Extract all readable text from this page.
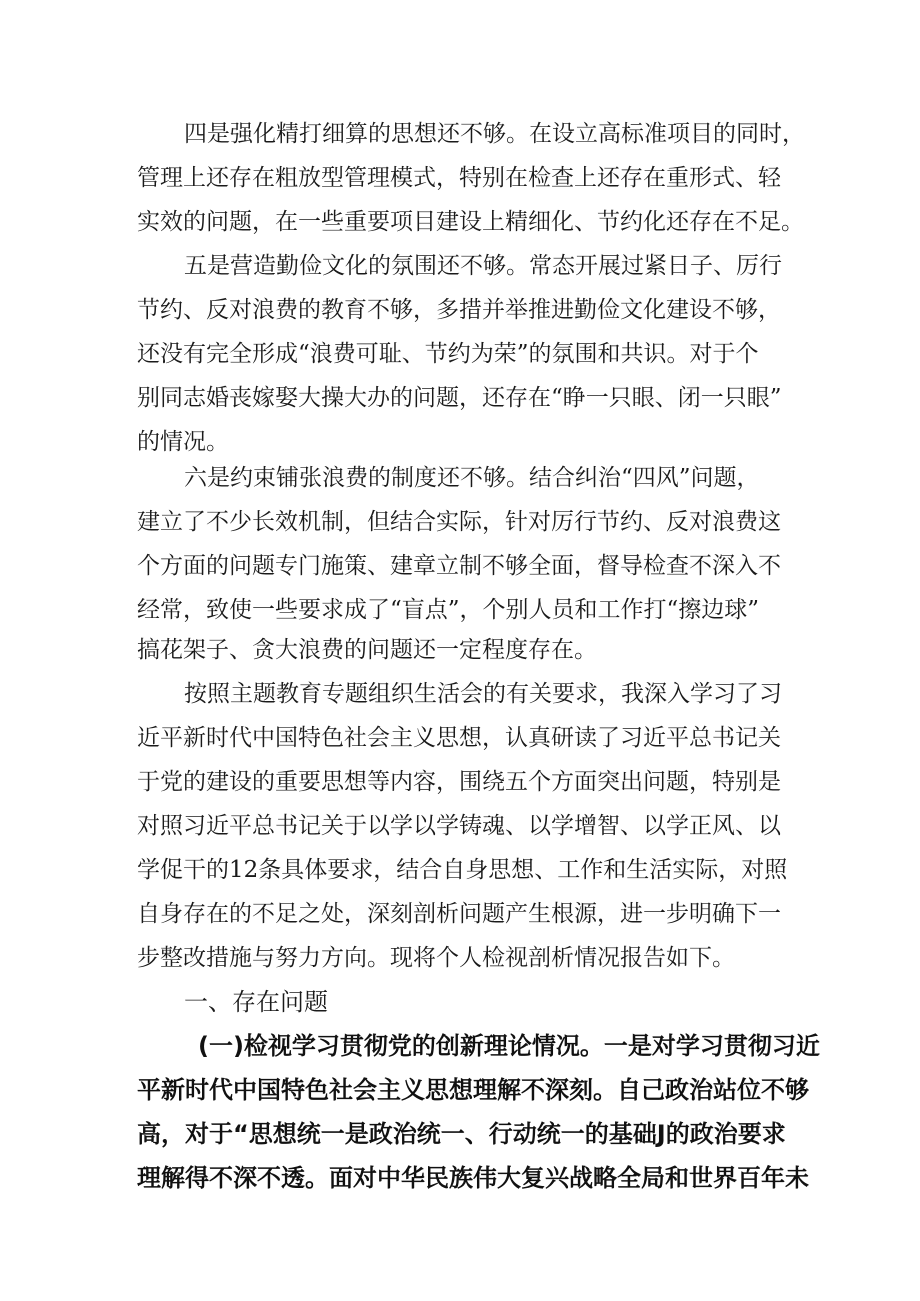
四是强化精打细算的思想还不够。在设立高标准项目的同时，
管理上还存在粗放型管理模式，特别在检查上还存在重形式、轻
实效的问题，在一些重要项目建设上精细化、节约化还存在不足。
五是营造勤俭文化的氛围还不够。常态开展过紧日子、厉行
节约、反对浪费的教育不够，多措并举推进勤俭文化建设不够，
还没有完全形成“浪费可耻、节约为荣”的氛围和共识。对于个
别同志婚丧嫁娶大操大办的问题，还存在“睁一只眼、闭一只眼”
的情况。
六是约束铺张浪费的制度还不够。结合纠治“四风”问题，
建立了不少长效机制，但结合实际，针对厉行节约、反对浪费这
个方面的问题专门施策、建章立制不够全面，督导检查不深入不
经常，致使一些要求成了“盲点”，个别人员和工作打“擦边球”
搞花架子、贪大浪费的问题还一定程度存在。
按照主题教育专题组织生活会的有关要求，我深入学习了习
近平新时代中国特色社会主义思想，认真研读了习近平总书记关
于党的建设的重要思想等内容，围绕五个方面突出问题，特别是
对照习近平总书记关于以学以学铸魂、以学增智、以学正风、以
学促干的12条具体要求，结合自身思想、工作和生活实际，对照
自身存在的不足之处，深刻剖析问题产生根源，进一步明确下一
步整改措施与努力方向。现将个人检视剖析情况报告如下。
一、存在问题
(一)检视学习贯彻党的创新理论情况。一是对学习贯彻习近
平新时代中国特色社会主义思想理解不深刻。自己政治站位不够
高，对于“思想统一是政治统一、行动统一的基础J的政治要求
理解得不深不透。面对中华民族伟大复兴战略全局和世界百年未
